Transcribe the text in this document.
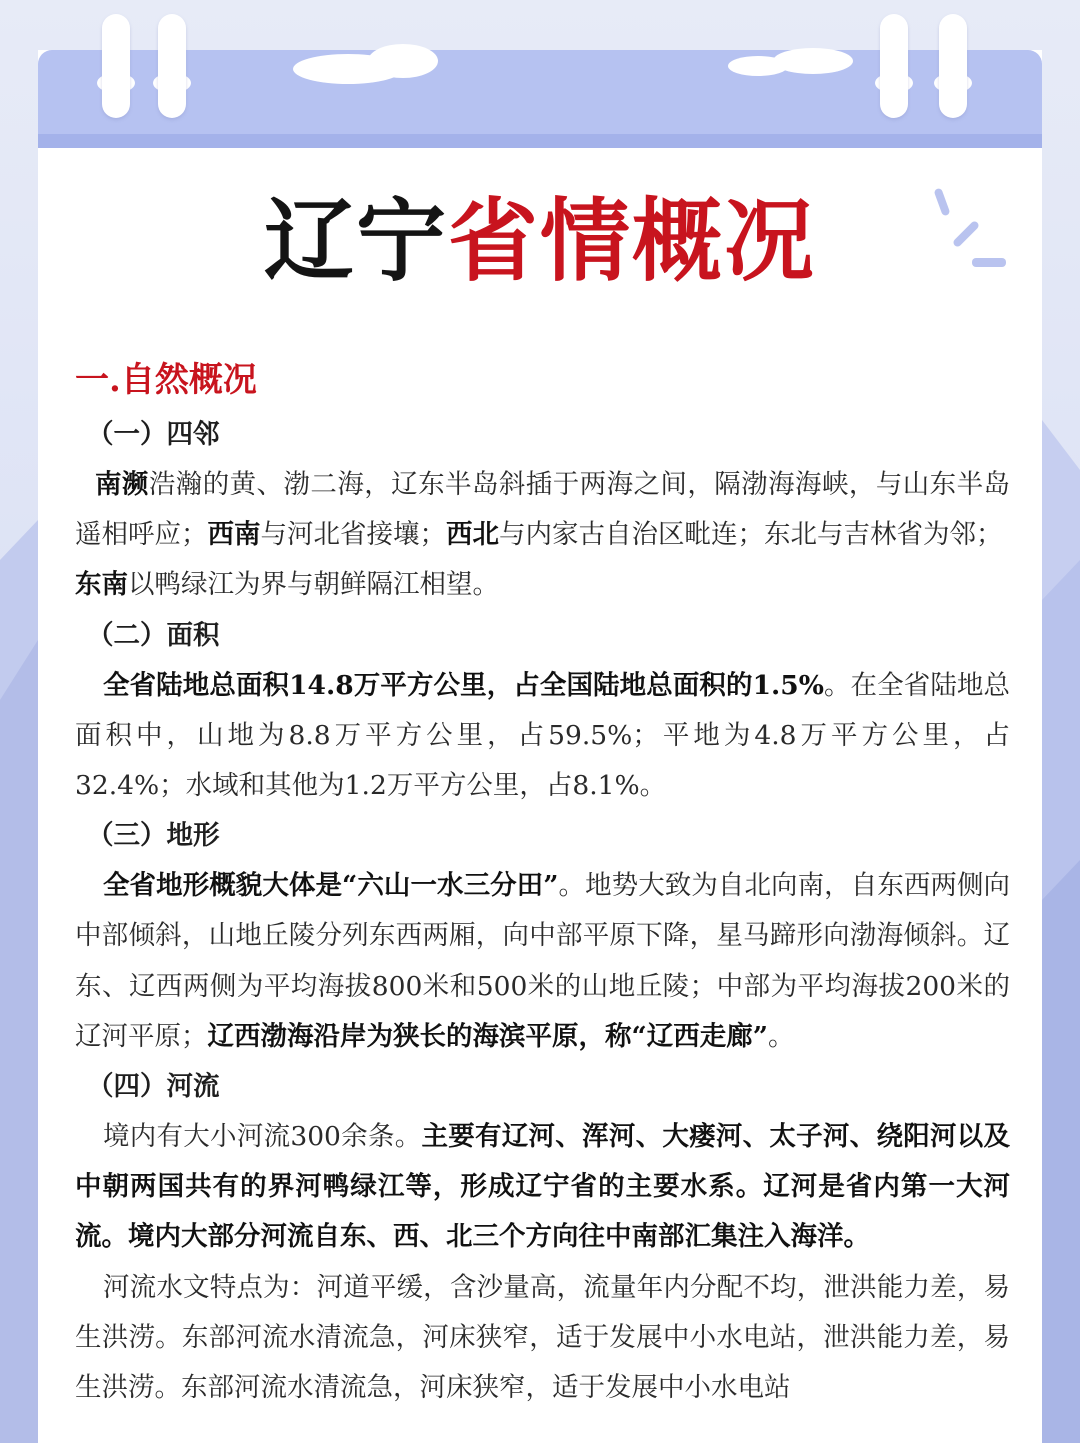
辽宁省情概况
一.自然概况
（一）四邻

南濒浩瀚的黄、渤二海，辽东半岛斜插于两海之间，隔渤海海峡，与山东半岛遥相呼应；西南与河北省接壤；西北与内家古自治区毗连；东北与吉林省为邻；
东南以鸭绿江为界与朝鲜隔江相望。

（二）面积

全省陆地总面积14.8万平方公里，占全国陆地总面积的1.5%。在全省陆地总面积中，山地为8.8万平方公里，占59.5%；平地为4.8万平方公里，占32.4%；水域和其他为1.2万平方公里，占8.1%。

（三）地形

全省地形概貌大体是“六山一水三分田”。地势大致为自北向南，自东西两侧向中部倾斜，山地丘陵分列东西两厢，向中部平原下降，星马蹄形向渤海倾斜。辽东、辽西两侧为平均海拔800米和500米的山地丘陵；中部为平均海拔200米的辽河平原；辽西渤海沿岸为狭长的海滨平原，称“辽西走廊”。

（四）河流

境内有大小河流300余条。主要有辽河、浑河、大瘘河、太子河、绕阳河以及中朝两国共有的界河鸭绿江等，形成辽宁省的主要水系。辽河是省内第一大河流。境内大部分河流自东、西、北三个方向往中南部汇集注入海洋。

河流水文特点为：河道平缓，含沙量高，流量年内分配不均，泄洪能力差，易生洪涝。东部河流水清流急，河床狭窄，适于发展中小水电站，泄洪能力差，易生洪涝。东部河流水清流急，河床狭窄，适于发展中小水电站
